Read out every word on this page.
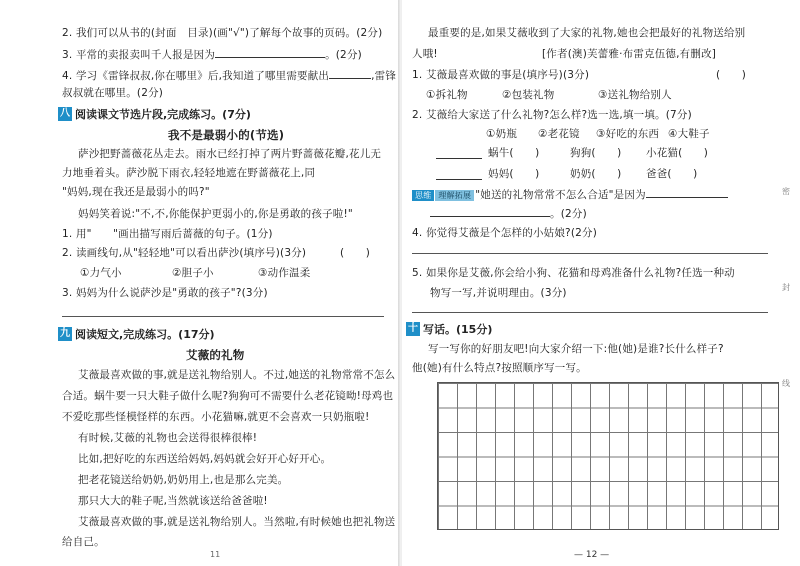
2. 我们可以从书的(封面　目录)(画"√")了解每个故事的页码。(2分)
3. 平常的卖报卖叫千人报是因为	。(2分)
4. 学习《雷锋叔叔,你在哪里》后,我知道了哪里需要献出	,雷锋
叔叔就在哪里。(2分)
八 阅读课文节选片段,完成练习。(7分)
我不是最弱小的(节选)
萨沙把野蔷薇花丛走去。雨水已经打掉了两片野蔷薇花瓣,花儿无
力地垂着头。萨沙脱下雨衣,轻轻地遮在野蔷薇花上,同
"妈妈,现在我还是最弱小的吗?"
妈妈笑着说:"不,不,你能保护更弱小的,你是勇敢的孩子啦!"
1. 用"　　"画出描写雨后蔷薇的句子。(1分)
2. 读画线句,从"轻轻地"可以看出萨沙(填序号)(3分)	(　　)
①力气小	②胆子小	③动作温柔
3. 妈妈为什么说萨沙是"勇敢的孩子"?(3分)
九 阅读短文,完成练习。(17分)
艾薇的礼物
艾薇最喜欢做的事,就是送礼物给别人。不过,她送的礼物常常不怎么
合适。蜗牛要一只大鞋子做什么呢?狗狗可不需要什么老花镜呦!母鸡也
不爱吃那些怪模怪样的东西。小花猫嘛,就更不会喜欢一只奶瓶啦!
有时候,艾薇的礼物也会送得很棒很棒!
比如,把好吃的东西送给妈妈,妈妈就会好开心好开心。
把老花镜送给奶奶,奶奶用上,也是那么完美。
那只大大的鞋子呢,当然就该送给爸爸啦!
艾薇最喜欢做的事,就是送礼物给别人。当然啦,有时候她也把礼物送
给自己。
11
最重要的是,如果艾薇收到了大家的礼物,她也会把最好的礼物送给别
人哦!	[作者(澳)芙蕾雅·布雷克伍德,有删改]
1. 艾薇最喜欢做的事是(填序号)(3分)	(　　)
①拆礼物	②包装礼物	③送礼物给别人
2. 艾薇给大家送了什么礼物?怎么样?选一选,填一填。(7分)
①奶瓶 ②老花镜 ③好吃的东西 ④大鞋子
蜗牛(　　)	狗狗(　　) 小花猫(　　)
妈妈(　　)	奶奶(　　) 爸爸(　　)
思维 理解拓展 "她送的礼物常常不怎么合适"是因为
。(2分)
4. 你觉得艾薇是个怎样的小姑娘?(2分)
5. 如果你是艾薇,你会给小狗、花猫和母鸡准备什么礼物?任选一种动
物写一写,并说明理由。(3分)
十 写话。(15分)
写一写你的好朋友吧!向大家介绍一下:他(她)是谁?长什么样子?
他(她)有什么特点?按照顺序写一写。
密
封
线
— 12 —
